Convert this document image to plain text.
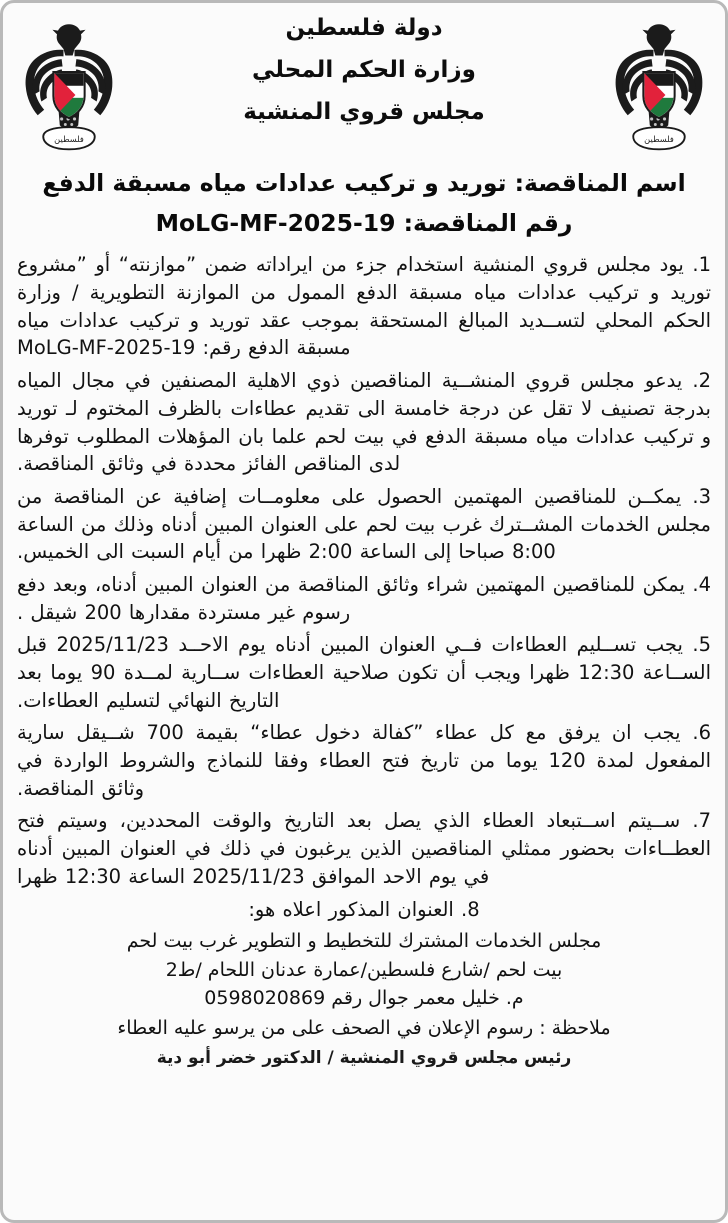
فلسطين
دولة فلسطين
وزارة الحكم المحلي
مجلس قروي المنشية
فلسطين
اسم المناقصة: توريد و تركيب عدادات مياه مسبقة الدفع
رقم المناقصة: MoLG-MF-2025-19
1. يود مجلس قروي المنشية استخدام جزء من ايراداته ضمن ”موازنته“ أو ”مشروع توريد و تركيب عدادات مياه مسبقة الدفع الممول من الموازنة التطويرية / وزارة الحكم المحلي لتســديد المبالغ المستحقة بموجب عقد توريد و تركيب عدادات مياه مسبقة الدفع رقم: MoLG-MF-2025-19
2. يدعو مجلس قروي المنشــية المناقصين ذوي الاهلية المصنفين في مجال المياه بدرجة تصنيف لا تقل عن درجة خامسة الى تقديم عطاءات بالظرف المختوم لـ توريد و تركيب عدادات مياه مسبقة الدفع في بيت لحم علما بان المؤهلات المطلوب توفرها لدى المناقص الفائز محددة في وثائق المناقصة.
3. يمكــن للمناقصين المهتمين الحصول على معلومــات إضافية عن المناقصة من مجلس الخدمات المشــترك غرب بيت لحم على العنوان المبين أدناه وذلك من الساعة 8:00 صباحا إلى الساعة 2:00 ظهرا من أيام السبت الى الخميس.
4. يمكن للمناقصين المهتمين شراء وثائق المناقصة من العنوان المبين أدناه، وبعد دفع رسوم غير مستردة مقدارها 200 شيقل .
5. يجب تســليم العطاءات فــي العنوان المبين أدناه يوم الاحــد 2025/11/23 قبل الســاعة 12:30 ظهرا ويجب أن تكون صلاحية العطاءات ســارية لمــدة 90 يوما بعد التاريخ النهائي لتسليم العطاءات.
6. يجب ان يرفق مع كل عطاء ”كفالة دخول عطاء“ بقيمة 700 شــيقل سارية المفعول لمدة 120 يوما من تاريخ فتح العطاء وفقا للنماذج والشروط الواردة في وثائق المناقصة.
7. ســيتم اســتبعاد العطاء الذي يصل بعد التاريخ والوقت المحددين، وسيتم فتح العطــاءات بحضور ممثلي المناقصين الذين يرغبون في ذلك في العنوان المبين أدناه في يوم الاحد الموافق 2025/11/23 الساعة 12:30 ظهرا
8. العنوان المذكور اعلاه هو:
مجلس الخدمات المشترك للتخطيط و التطوير غرب بيت لحم
بيت لحم /شارع فلسطين/عمارة عدنان اللحام /ط2
م. خليل معمر جوال رقم 0598020869
ملاحظة : رسوم الإعلان في الصحف على من يرسو عليه العطاء
رئيس مجلس قروي المنشية / الدكتور خضر أبو دية
